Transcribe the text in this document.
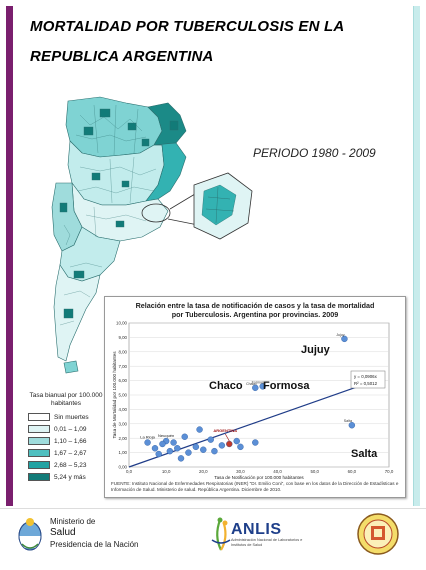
MORTALIDAD POR TUBERCULOSIS EN LA
REPUBLICA ARGENTINA
PERIODO 1980 - 2009
Tasa bianual por 100.000 habitantes
Sin muertes
0,01 – 1,09
1,10 – 1,66
1,67 – 2,67
2,68 – 5,23
5,24 y más
Relación entre la tasa de notificación de casos y la tasa de mortalidad
por Tuberculosis. Argentina por provincias. 2009
0,00
1,00
2,00
3,00
4,00
5,00
6,00
7,00
8,00
9,00
10,00
0,0	10,0	20,0	30,0	40,0	50,0	60,0	70,0
Tasa de Notificación por 100.000 habitantes
Tasa de Mortalidad por 100.000 habitantes	y = 0,0906x
R² = 0,5012
Jujuy
Jujuy
Chaco Chaco Formosa
Formosa
Salta
Salta
ARGENTINA
La Rioja Neuquén
FUENTE: Instituto Nacional de Enfermedades Respiratorias (INER) "Dr. Emilio Coni", con base en los datos de la Dirección de Estadísticas e Información de Salud. Ministerio de salud. República Argentina. Diciembre de 2010.
Ministerio de
Salud
Presidencia de la Nación
ANLIS
Administración Nacional de Laboratorios e Institutos de Salud
